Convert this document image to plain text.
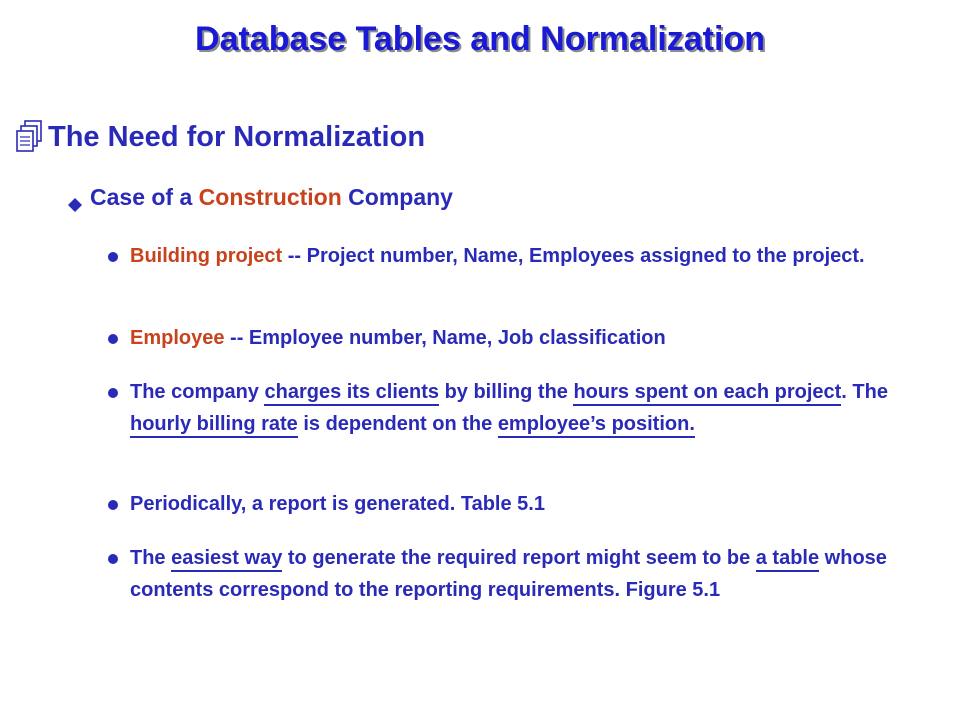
Database Tables and Normalization
The Need for Normalization
Case of a Construction Company
Building project -- Project number, Name, Employees assigned to the project.
Employee -- Employee number, Name, Job classification
The company charges its clients by billing the hours spent on each project. The hourly billing rate is dependent on the employee’s position.
Periodically, a report is generated. Table 5.1
The easiest way to generate the required report might seem to be a table whose contents correspond to the reporting requirements. Figure 5.1
